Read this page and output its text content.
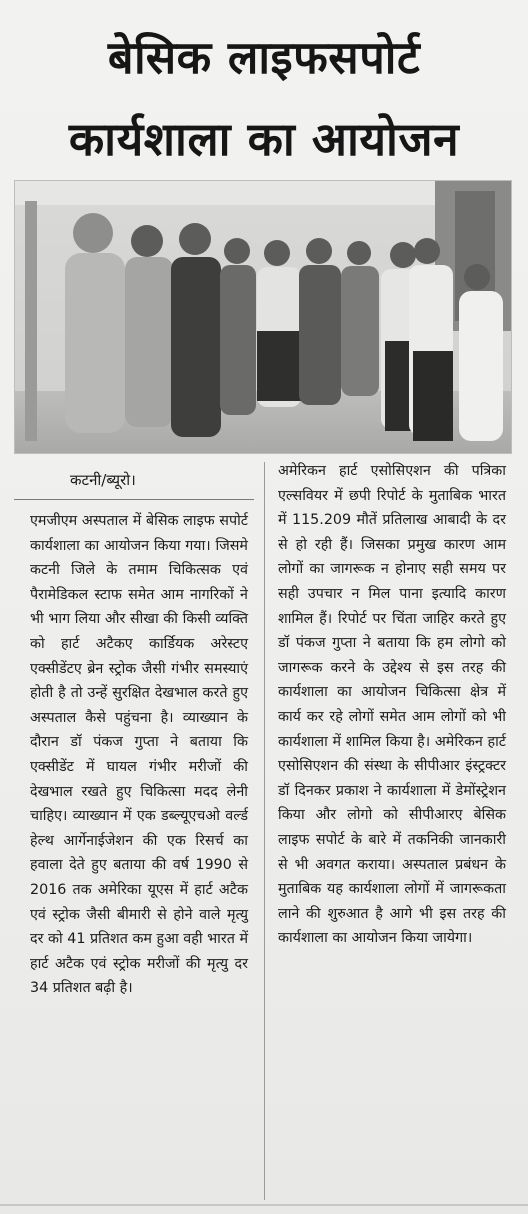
बेसिक लाइफसपोर्ट
कार्यशाला का आयोजन
कटनी/ब्यूरो।
एमजीएम अस्पताल में बेसिक लाइफ सपोर्ट कार्यशाला का आयोजन किया गया। जिसमे कटनी जिले के तमाम चिकित्सक एवं पैरामेडिकल स्टाफ समेत आम नागरिकों ने भी भाग लिया और सीखा की किसी व्यक्ति को हार्ट अटैकए कार्डियक अरेस्टए एक्सीडेंटए ब्रेन स्ट्रोक जैसी गंभीर समस्याएं होती है तो उन्हें सुरक्षित देखभाल करते हुए अस्पताल कैसे पहुंचना है। व्याख्यान के दौरान डॉ पंकज गुप्ता ने बताया कि एक्सीडेंट में घायल गंभीर मरीजों की देखभाल रखते हुए चिकित्सा मदद लेनी चाहिए। व्याख्यान में एक डब्ल्यूएचओ वर्ल्ड हेल्थ आर्गेनाईजेशन की एक रिसर्च का हवाला देते हुए बताया की वर्ष 1990 से 2016 तक अमेरिका यूएस में हार्ट अटैक एवं स्ट्रोक जैसी बीमारी से होने वाले मृत्यु दर को 41 प्रतिशत कम हुआ वही भारत में हार्ट अटैक एवं स्ट्रोक मरीजों की मृत्यु दर 34 प्रतिशत बढ़ी है।
अमेरिकन हार्ट एसोसिएशन की पत्रिका एल्सवियर में छपी रिपोर्ट के मुताबिक भारत में 115.209 मौतें प्रतिलाख आबादी के दर से हो रही हैं। जिसका प्रमुख कारण आम लोगों का जागरूक न होनाए सही समय पर सही उपचार न मिल पाना इत्यादि कारण शामिल हैं। रिपोर्ट पर चिंता जाहिर करते हुए डॉ पंकज गुप्ता ने बताया कि हम लोगो को जागरूक करने के उद्देश्य से इस तरह की कार्यशाला का आयोजन चिकित्सा क्षेत्र में कार्य कर रहे लोगों समेत आम लोगों को भी कार्यशाला में शामिल किया है। अमेरिकन हार्ट एसोसिएशन की संस्था के सीपीआर इंस्ट्रक्टर डॉ दिनकर प्रकाश ने कार्यशाला में डेमोंस्ट्रेशन किया और लोगो को सीपीआरए बेसिक लाइफ सपोर्ट के बारे में तकनिकी जानकारी से भी अवगत कराया। अस्पताल प्रबंधन के मुताबिक यह कार्यशाला लोगों में जागरूकता लाने की शुरुआत है आगे भी इस तरह की कार्यशाला का आयोजन किया जायेगा।
